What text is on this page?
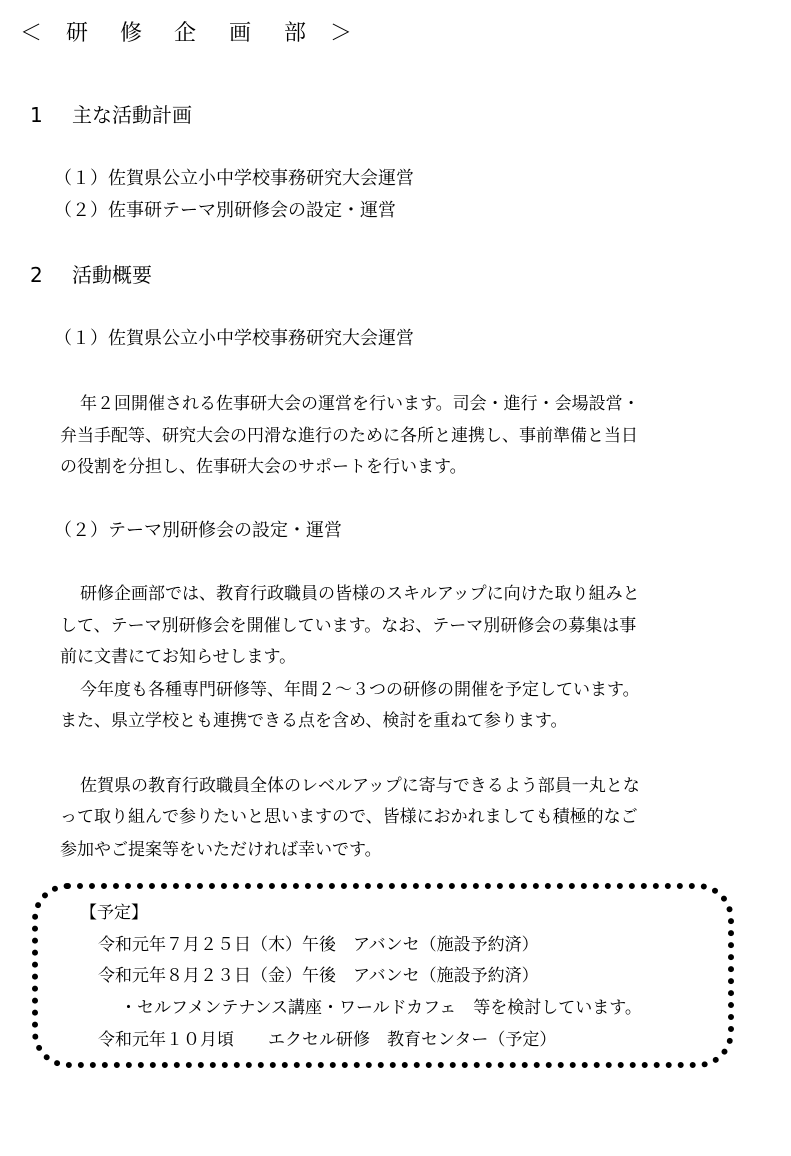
＜ 研 修 企 画 部 ＞
1 主な活動計画
（１）佐賀県公立小中学校事務研究大会運営
（２）佐事研テーマ別研修会の設定・運営
2 活動概要
（１）佐賀県公立小中学校事務研究大会運営
年２回開催される佐事研大会の運営を行います。司会・進行・会場設営・
弁当手配等、研究大会の円滑な進行のために各所と連携し、事前準備と当日
の役割を分担し、佐事研大会のサポートを行います。
（２）テーマ別研修会の設定・運営
研修企画部では、教育行政職員の皆様のスキルアップに向けた取り組みと
して、テーマ別研修会を開催しています。なお、テーマ別研修会の募集は事
前に文書にてお知らせします。
今年度も各種専門研修等、年間２～３つの研修の開催を予定しています。
また、県立学校とも連携できる点を含め、検討を重ねて参ります。
佐賀県の教育行政職員全体のレベルアップに寄与できるよう部員一丸とな
って取り組んで参りたいと思いますので、皆様におかれましても積極的なご
参加やご提案等をいただければ幸いです。
【予定】
令和元年７月２５日（木）午後　アバンセ（施設予約済）
令和元年８月２３日（金）午後　アバンセ（施設予約済）
・セルフメンテナンス講座・ワールドカフェ　等を検討しています。
令和元年１０月頃　　エクセル研修　教育センター（予定）
